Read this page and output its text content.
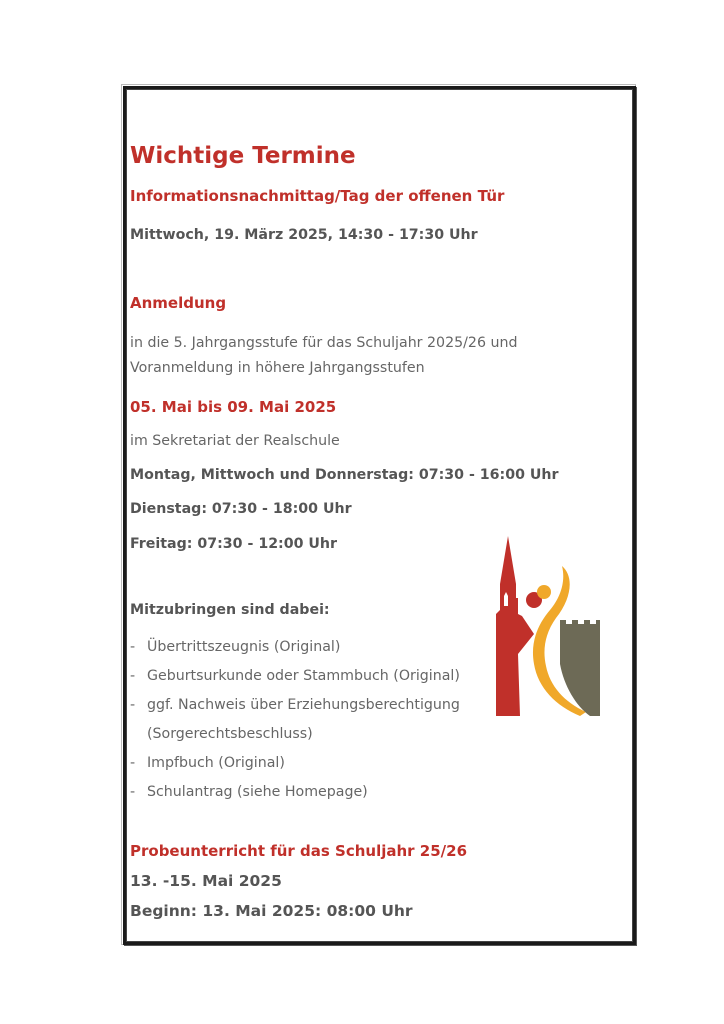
Wichtige Termine
Informationsnachmittag/Tag der offenen Tür
Mittwoch, 19. März 2025, 14:30 - 17:30 Uhr
Anmeldung
in die 5. Jahrgangsstufe für das Schuljahr 2025/26 und
Voranmeldung in höhere Jahrgangsstufen
05. Mai bis 09. Mai 2025
im Sekretariat der Realschule
Montag, Mittwoch und Donnerstag: 07:30 - 16:00 Uhr
Dienstag: 07:30 - 18:00 Uhr
Freitag: 07:30 - 12:00 Uhr
Mitzubringen sind dabei:
- Übertrittszeugnis (Original)
- Geburtsurkunde oder Stammbuch (Original)
- ggf. Nachweis über Erziehungsberechtigung
(Sorgerechtsbeschluss)
- Impfbuch (Original)
- Schulantrag (siehe Homepage)
Probeunterricht für das Schuljahr 25/26
13. -15. Mai 2025
Beginn: 13. Mai 2025: 08:00 Uhr
